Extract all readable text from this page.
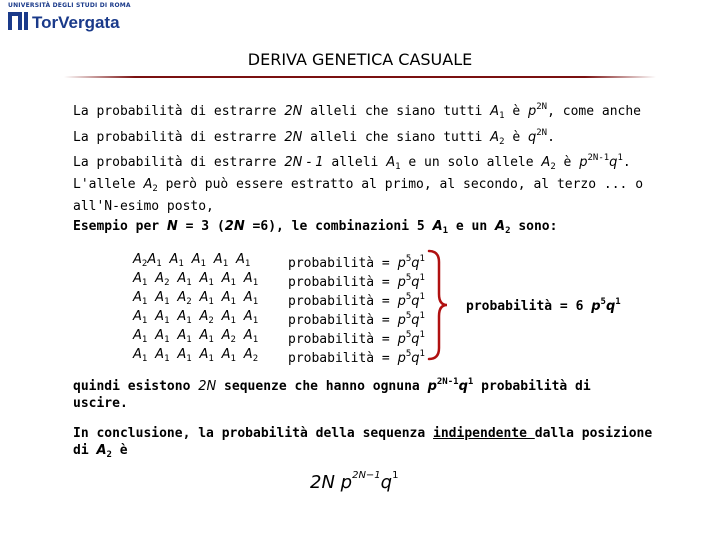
UNIVERSITÀ DEGLI STUDI DI ROMA
TorVergata
DERIVA GENETICA CASUALE
La probabilità di estrarre 2N alleli che siano tutti $A_1$ è $p^{2N}$, come anche
La probabilità di estrarre 2N alleli che siano tutti $A_2$ è $q^{2N}$.
La probabilità di estrarre 2N - 1 alleli $A_1$ e un solo allele $A_2$ è $p^{2N-1}q^1$.
L'allele $A_2$ però può essere estratto al primo, al secondo, al terzo ... o
all'N-esimo posto,
Esempio per N = 3 (2N =6), le combinazioni 5 $A_1$ e un $A_2$ sono:
$A_2A_1$ $A_1$ $A_1$ $A_1$ $A_1$
$A_1$ $A_2$ $A_1$ $A_1$ $A_1$ $A_1$
$A_1$ $A_1$ $A_2$ $A_1$ $A_1$ $A_1$
$A_1$ $A_1$ $A_1$ $A_2$ $A_1$ $A_1$
$A_1$ $A_1$ $A_1$ $A_1$ $A_2$ $A_1$
$A_1$ $A_1$ $A_1$ $A_1$ $A_1$ $A_2$
probabilità = $p^5q^1$
probabilità = $p^5q^1$
probabilità = $p^5q^1$
probabilità = $p^5q^1$
probabilità = $p^5q^1$
probabilità = $p^5q^1$
probabilità = 6 $p^5q^1$
quindi esistono 2N sequenze che hanno ognuna $p^{2N-1}q^1$ probabilità di
uscire.
In conclusione, la probabilità della sequenza indipendente dalla posizione
di $A_2$ è
2N $p^{2N-1}q^1$
